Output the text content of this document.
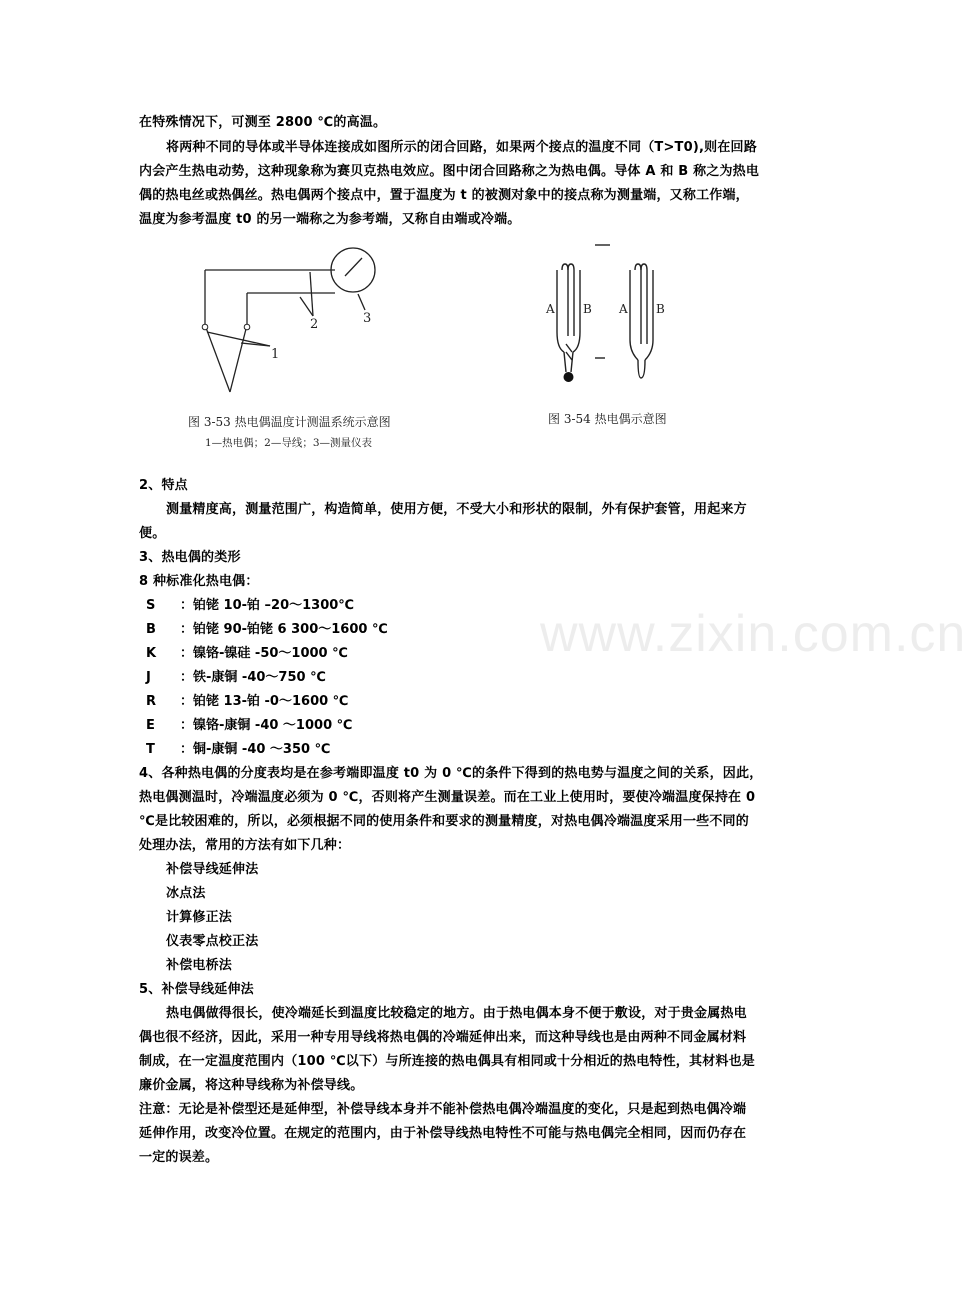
在特殊情况下，可测至 2800 ℃的高温。
将两种不同的导体或半导体连接成如图所示的闭合回路，如果两个接点的温度不同（T>T0),则在回路
内会产生热电动势，这种现象称为赛贝克热电效应。图中闭合回路称之为热电偶。导体 A 和 B 称之为热电
偶的热电丝或热偶丝。热电偶两个接点中，置于温度为 t 的被测对象中的接点称为测量端，又称工作端，
温度为参考温度 t0 的另一端称之为参考端，又称自由端或冷端。
1
2	3
图 3-53 热电偶温度计测温系统示意图
1—热电偶；2—导线；3—测量仪表
A B A B
图 3-54 热电偶示意图
2、特点
测量精度高，测量范围广，构造简单，使用方便，不受大小和形状的限制，外有保护套管，用起来方
便。
3、热电偶的类形
8 种标准化热电偶：
S ：铂铑 10-铂 –20～1300℃
B ：铂铑 90-铂铑 6 300～1600 ℃
K ：镍铬-镍硅 -50～1000 ℃
J ：铁-康铜 -40～750 ℃
R ：铂铑 13-铂 -0～1600 ℃
E ：镍铬-康铜 -40 ～1000 ℃
T ：铜-康铜 -40 ～350 ℃
4、各种热电偶的分度表均是在参考端即温度 t0 为 0 ℃的条件下得到的热电势与温度之间的关系，因此，
热电偶测温时，冷端温度必须为 0 ℃，否则将产生测量误差。而在工业上使用时，要使冷端温度保持在 0
℃是比较困难的，所以，必须根据不同的使用条件和要求的测量精度，对热电偶冷端温度采用一些不同的
处理办法，常用的方法有如下几种：
补偿导线延伸法
冰点法
计算修正法
仪表零点校正法
补偿电桥法
5、补偿导线延伸法
热电偶做得很长，使冷端延长到温度比较稳定的地方。由于热电偶本身不便于敷设，对于贵金属热电
偶也很不经济，因此，采用一种专用导线将热电偶的冷端延伸出来，而这种导线也是由两种不同金属材料
制成，在一定温度范围内（100 ℃以下）与所连接的热电偶具有相同或十分相近的热电特性，其材料也是
廉价金属，将这种导线称为补偿导线。
注意：无论是补偿型还是延伸型，补偿导线本身并不能补偿热电偶冷端温度的变化，只是起到热电偶冷端
延伸作用，改变冷位置。在规定的范围内，由于补偿导线热电特性不可能与热电偶完全相同，因而仍存在
一定的误差。
www.zixin.com.cn
